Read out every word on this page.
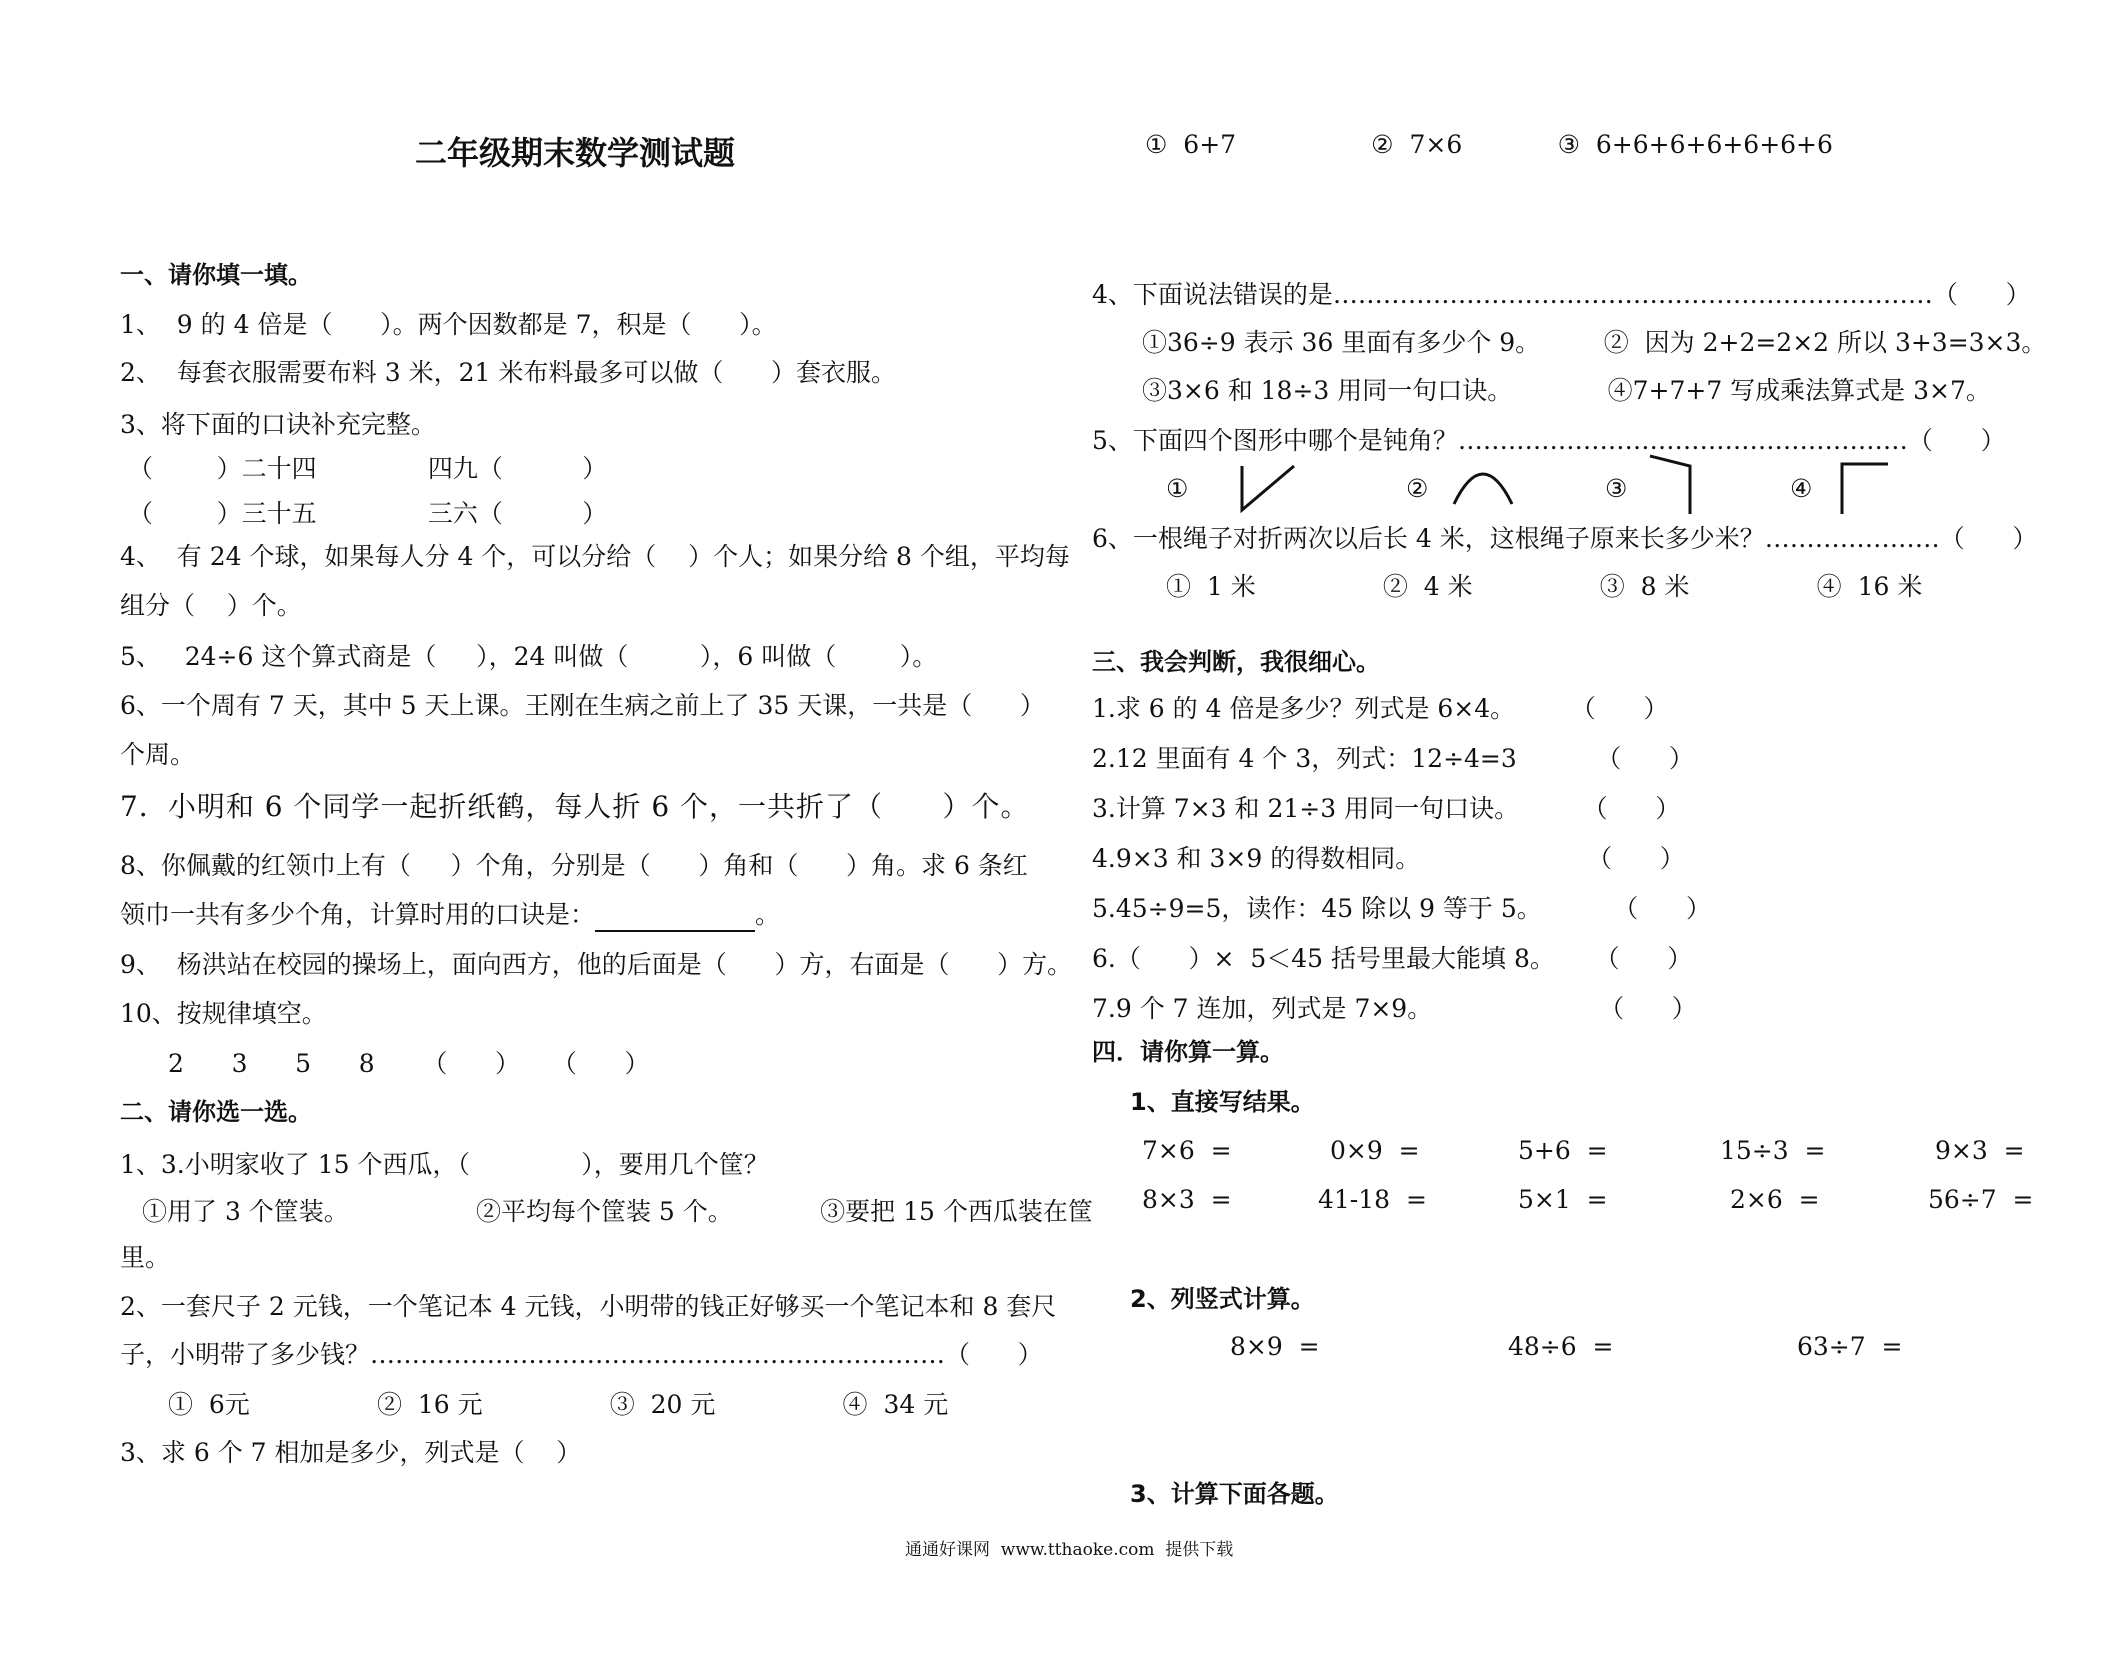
二年级期末数学测试题
一、请你填一填。
1、  9 的 4 倍是（      ）。两个因数都是 7，积是（      ）。
2、  每套衣服需要布料 3 米，21 米布料最多可以做（      ）套衣服。
3、将下面的口诀补充完整。
（        ）二十四              四九（          ）
（        ）三十五              三六（          ）
4、  有 24 个球，如果每人分 4 个，可以分给（    ）个人；如果分给 8 个组，平均每
组分（    ）个。
5、   24÷6 这个算式商是（     ），24 叫做（         ），6 叫做（        ）。
6、一个周有 7 天，其中 5 天上课。王刚在生病之前上了 35 天课，一共是（      ）
个周。
7．小明和 6 个同学一起折纸鹤，每人折 6 个，一共折了（      ）个。
8、你佩戴的红领巾上有（     ）个角，分别是（      ）角和（      ）角。求 6 条红
领巾一共有多少个角，计算时用的口诀是：	。
9、  杨洪站在校园的操场上，面向西方，他的后面是（      ）方，右面是（      ）方。
10、按规律填空。
2      3      5      8      （      ）    （      ）
二、请你选一选。
1、3.小明家收了 15 个西瓜，（              ），要用几个筐？
①用了 3 个筐装。                ②平均每个筐装 5 个。           ③要把 15 个西瓜装在筐
里。
2、一套尺子 2 元钱，一个笔记本 4 元钱，小明带的钱正好够买一个笔记本和 8 套尺
子，小明带了多少钱？……………………………………………………………（      ）
①  6元                ②  16 元                ③  20 元                ④  34 元
3、求 6 个 7 相加是多少，列式是（    ）
①  6+7                 ②  7×6            ③  6+6+6+6+6+6+6
4、下面说法错误的是………………………………………………………………（      ）
①36÷9 表示 36 里面有多少个 9。        ②  因为 2+2=2×2 所以 3+3=3×3。
③3×6 和 18÷3 用同一句口诀。            ④7+7+7 写成乘法算式是 3×7。
5、下面四个图形中哪个是钝角？………………………………………………（      ）
①	②	③	④
6、一根绳子对折两次以后长 4 米，这根绳子原来长多少米？…………………（      ）
①  1 米                ②  4 米                ③  8 米                ④  16 米
三、我会判断，我很细心。
1.求 6 的 4 倍是多少？列式是 6×4。       （      ）
2.12 里面有 4 个 3，列式：12÷4=3          （      ）
3.计算 7×3 和 21÷3 用同一句口诀。        （      ）
4.9×3 和 3×9 的得数相同。                     （      ）
5.45÷9=5，读作：45 除以 9 等于 5。         （      ）
6.（      ）×  5＜45 括号里最大能填 8。     （      ）
7.9 个 7 连加，列式是 7×9。                     （      ）
四．请你算一算。
1、直接写结果。
7×6  =	0×9  =	5+6  =	15÷3  =	9×3  =
8×3  =	41-18  =	5×1  =	2×6  =	56÷7  =
2、列竖式计算。
8×9  =	48÷6  =	63÷7  =
3、计算下面各题。
通通好课网  www.tthaoke.com  提供下载
